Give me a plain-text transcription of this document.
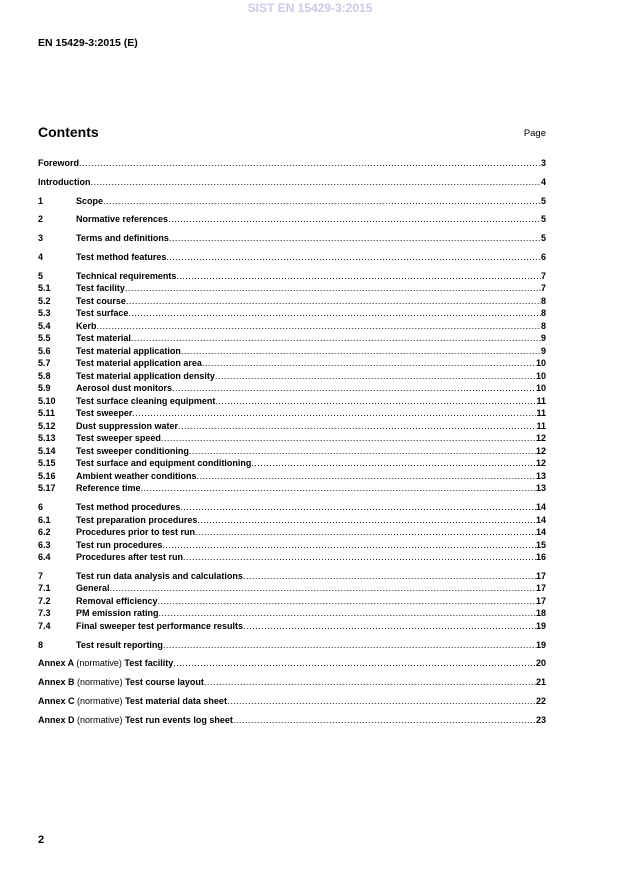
SIST EN 15429-3:2015
EN 15429-3:2015 (E)
Contents	Page
Foreword .....	3
Introduction .....	4
1	Scope .....	5
2	Normative references .....	5
3	Terms and definitions .....	5
4	Test method features .....	6
5	Technical requirements .....	7
5.1	Test facility .....	7
5.2	Test course .....	8
5.3	Test surface .....	8
5.4	Kerb .....	8
5.5	Test material .....	9
5.6	Test material application .....	9
5.7	Test material application area .....	10
5.8	Test material application density .....	10
5.9	Aerosol dust monitors .....	10
5.10	Test surface cleaning equipment .....	11
5.11	Test sweeper .....	11
5.12	Dust suppression water .....	11
5.13	Test sweeper speed .....	12
5.14	Test sweeper conditioning .....	12
5.15	Test surface and equipment conditioning .....	12
5.16	Ambient weather conditions .....	13
5.17	Reference time .....	13
6	Test method procedures .....	14
6.1	Test preparation procedures .....	14
6.2	Procedures prior to test run .....	14
6.3	Test run procedures .....	15
6.4	Procedures after test run .....	16
7	Test run data analysis and calculations .....	17
7.1	General .....	17
7.2	Removal efficiency .....	17
7.3	PM emission rating .....	18
7.4	Final sweeper test performance results .....	19
8	Test result reporting .....	19
Annex A (normative) Test facility .....	20
Annex B (normative) Test course layout .....	21
Annex C (normative) Test material data sheet .....	22
Annex D (normative) Test run events log sheet .....	23
2
